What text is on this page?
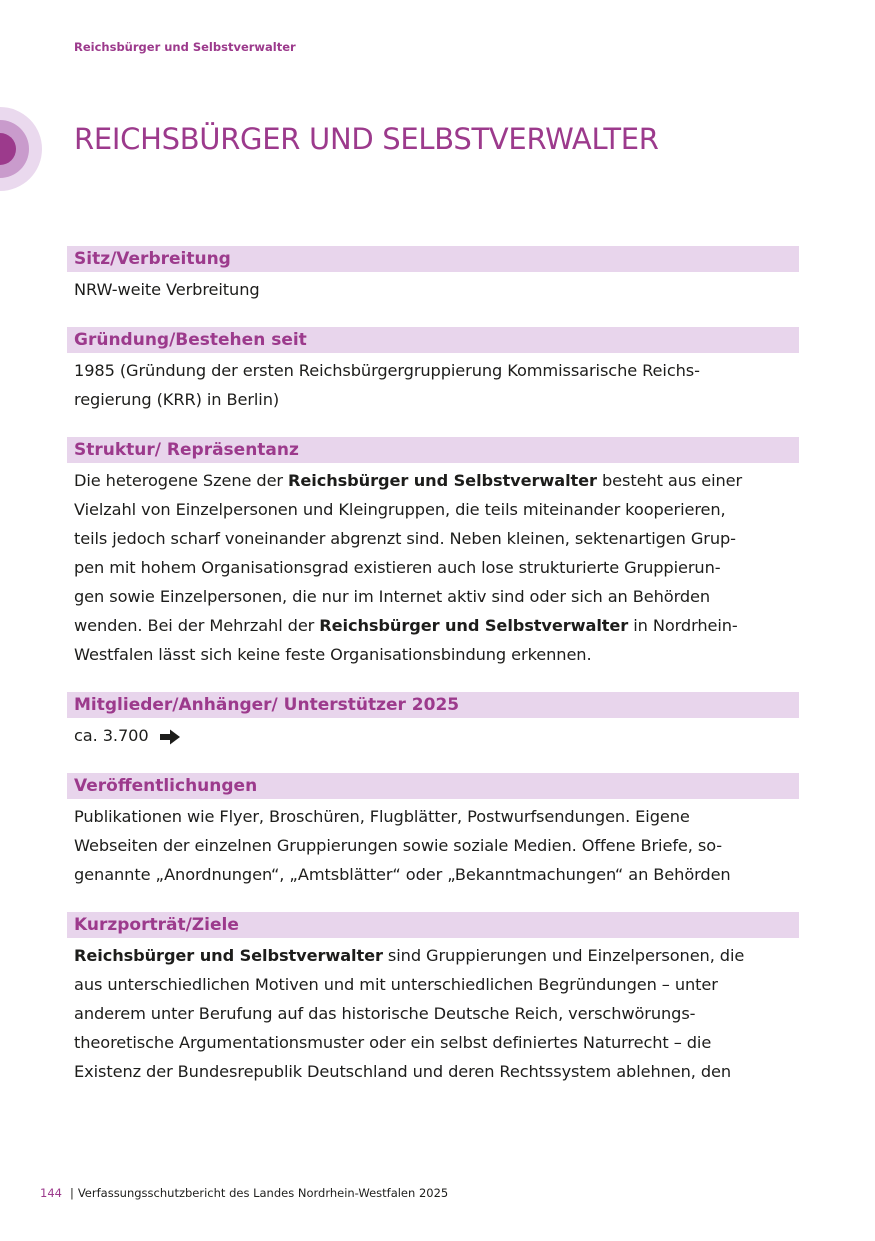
Reichsbürger und Selbstverwalter
REICHSBÜRGER UND SELBSTVERWALTER
Sitz/Verbreitung
NRW-weite Verbreitung
Gründung/Bestehen seit
1985 (Gründung der ersten Reichsbürgergruppierung Kommissarische Reichs-
regierung (KRR) in Berlin)
Struktur/ Repräsentanz
Die heterogene Szene der Reichsbürger und Selbstverwalter besteht aus einer
Vielzahl von Einzelpersonen und Kleingruppen, die teils miteinander kooperieren,
teils jedoch scharf voneinander abgrenzt sind. Neben kleinen, sektenartigen Grup-
pen mit hohem Organisationsgrad existieren auch lose strukturierte Gruppierun-
gen sowie Einzelpersonen, die nur im Internet aktiv sind oder sich an Behörden
wenden. Bei der Mehrzahl der Reichsbürger und Selbstverwalter in Nordrhein-
Westfalen lässt sich keine feste Organisationsbindung erkennen.
Mitglieder/Anhänger/ Unterstützer 2025
ca. 3.700
Veröffentlichungen
Publikationen wie Flyer, Broschüren, Flugblätter, Postwurfsendungen. Eigene
Webseiten der einzelnen Gruppierungen sowie soziale Medien. Offene Briefe, so-
genannte „Anordnungen“, „Amtsblätter“ oder „Bekanntmachungen“ an Behörden
Kurzporträt/Ziele
Reichsbürger und Selbstverwalter sind Gruppierungen und Einzelpersonen, die
aus unterschiedlichen Motiven und mit unterschiedlichen Begründungen – unter
anderem unter Berufung auf das historische Deutsche Reich, verschwörungs-
theoretische Argumentationsmuster oder ein selbst definiertes Naturrecht – die
Existenz der Bundesrepublik Deutschland und deren Rechtssystem ablehnen, den
144 | Verfassungsschutzbericht des Landes Nordrhein-Westfalen 2025
